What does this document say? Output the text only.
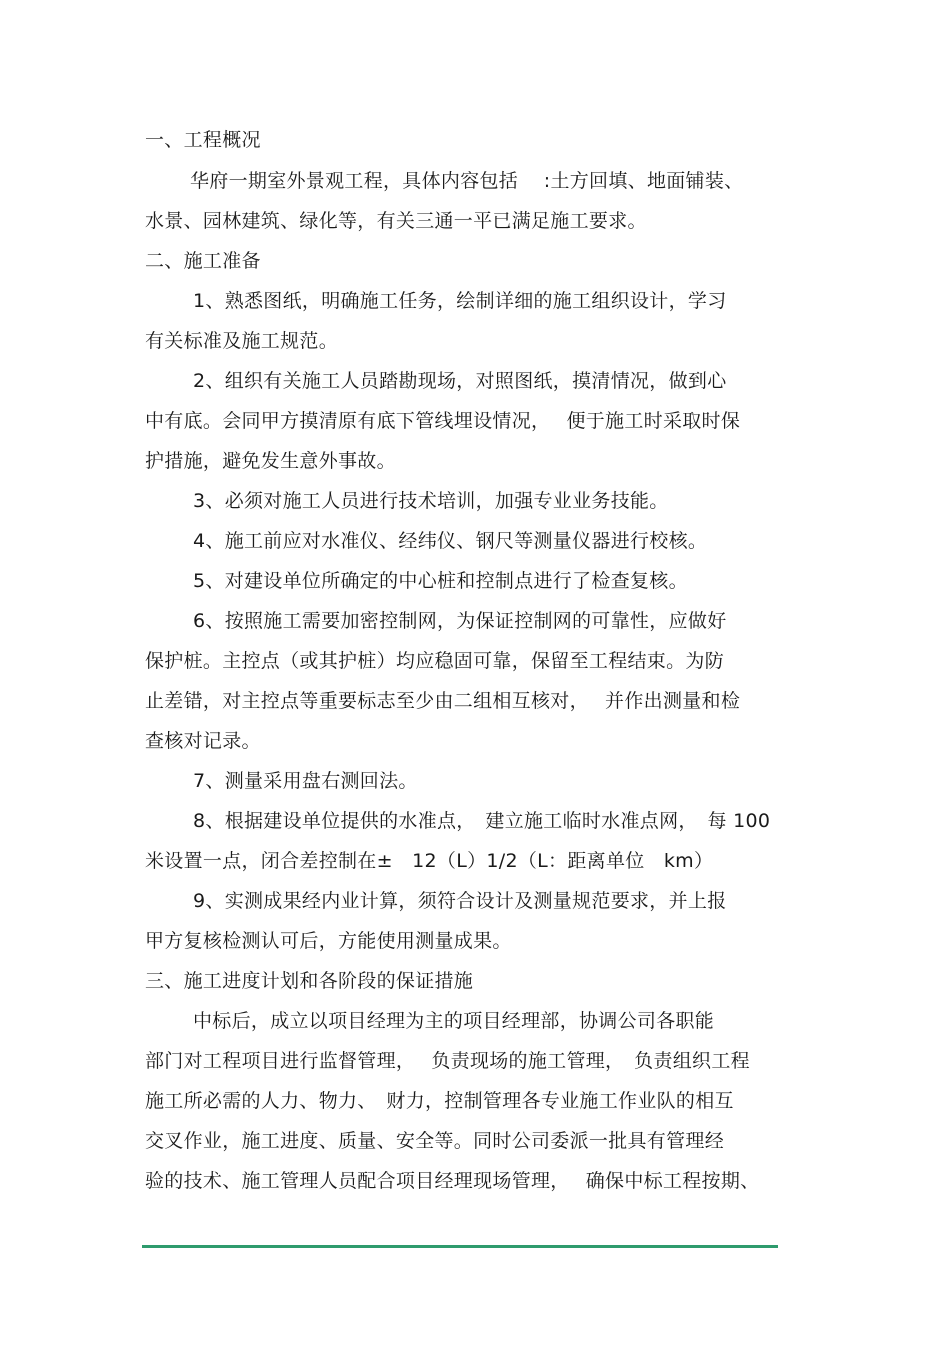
一、工程概况
华府一期室外景观工程，具体内容包括　 :土方回填、地面铺装、
水景、园林建筑、绿化等，有关三通一平已满足施工要求。
二、施工准备
1、熟悉图纸，明确施工任务，绘制详细的施工组织设计，学习
有关标准及施工规范。
2、组织有关施工人员踏勘现场，对照图纸，摸清情况，做到心
中有底。会同甲方摸清原有底下管线埋设情况，　 便于施工时采取时保
护措施，避免发生意外事故。
3、必须对施工人员进行技术培训，加强专业业务技能。
4、施工前应对水准仪、经纬仪、钢尺等测量仪器进行校核。
5、对建设单位所确定的中心桩和控制点进行了检查复核。
6、按照施工需要加密控制网，为保证控制网的可靠性，应做好
保护桩。主控点（或其护桩）均应稳固可靠，保留至工程结束。为防
止差错，对主控点等重要标志至少由二组相互核对，　 并作出测量和检
查核对记录。
7、测量采用盘右测回法。
8、根据建设单位提供的水准点，　建立施工临时水准点网，　每 100
米设置一点，闭合差控制在±　12（L）1/2（L：距离单位　km）
9、实测成果经内业计算，须符合设计及测量规范要求，并上报
甲方复核检测认可后，方能使用测量成果。
三、施工进度计划和各阶段的保证措施
中标后，成立以项目经理为主的项目经理部，协调公司各职能
部门对工程项目进行监督管理，　 负责现场的施工管理，　负责组织工程
施工所必需的人力、物力、　财力，控制管理各专业施工作业队的相互
交叉作业，施工进度、质量、安全等。同时公司委派一批具有管理经
验的技术、施工管理人员配合项目经理现场管理，　 确保中标工程按期、
